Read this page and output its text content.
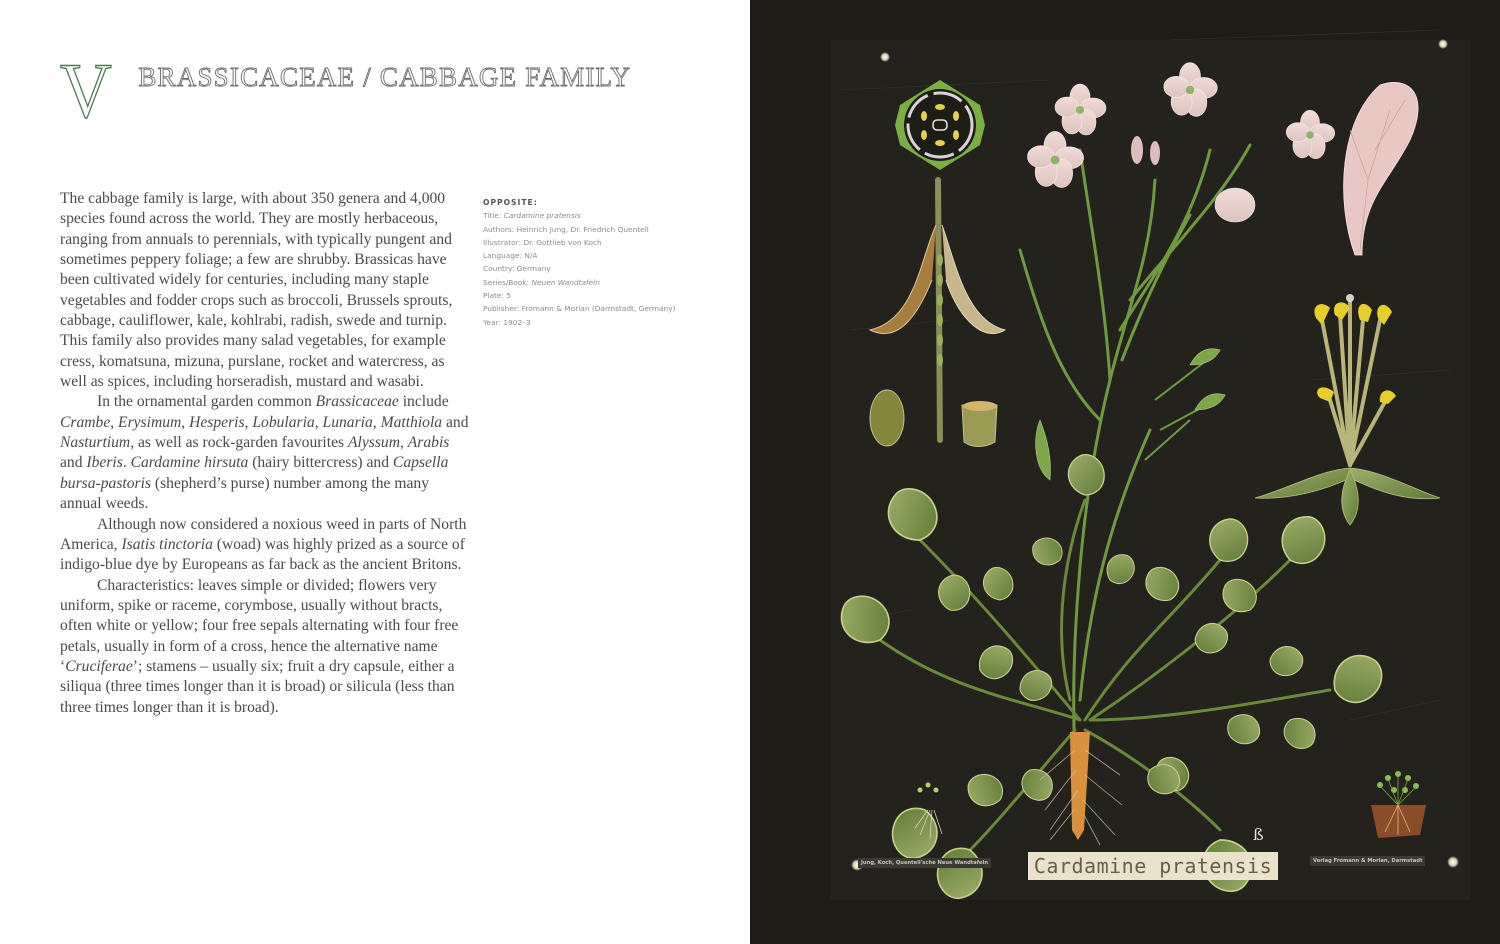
V BRASSICACEAE / CABBAGE FAMILY

The cabbage family is large, with about 350 genera and 4,000 species found across the world. They are mostly herbaceous, ranging from annuals to perennials, with typically pungent and sometimes peppery foliage; a few are shrubby. Brassicas have been cultivated widely for centuries, including many staple vegetables and fodder crops such as broccoli, Brussels sprouts, cabbage, cauliflower, kale, kohlrabi, radish, swede and turnip. This family also provides many salad vegetables, for example cress, komatsuna, mizuna, purslane, rocket and watercress, as well as spices, including horseradish, mustard and wasabi.

In the ornamental garden common Brassicaceae include Crambe, Erysimum, Hesperis, Lobularia, Lunaria, Matthiola and Nasturtium, as well as rock-garden favourites Alyssum, Arabis and Iberis. Cardamine hirsuta (hairy bittercress) and Capsella bursa-pastoris (shepherd’s purse) number among the many annual weeds.

Although now considered a noxious weed in parts of North America, Isatis tinctoria (woad) was highly prized as a source of indigo-blue dye by Europeans as far back as the ancient Britons.

Characteristics: leaves simple or divided; flowers very uniform, spike or raceme, corymbose, usually without bracts, often white or yellow; four free sepals alternating with four free petals, usually in form of a cross, hence the alternative name ‘Cruciferae’; stamens – usually six; fruit a dry capsule, either a siliqua (three times longer than it is broad) or silicula (less than three times longer than it is broad).

OPPOSITE:
Title: Cardamine pratensis
Authors: Heinrich Jung, Dr. Friedrich Quentell
Illustrator: Dr. Gottlieb von Koch
Language: N/A
Country: Germany
Series/Book: Neuen Wandtafeln
Plate: 5
Publisher: Fromann & Morian (Darmstadt, Germany)
Year: 1902–3
ß
Jung, Koch, Quentell'sche Neue Wandtafeln Cardamine pratensis	Verlag Fromann & Morian, Darmstadt
